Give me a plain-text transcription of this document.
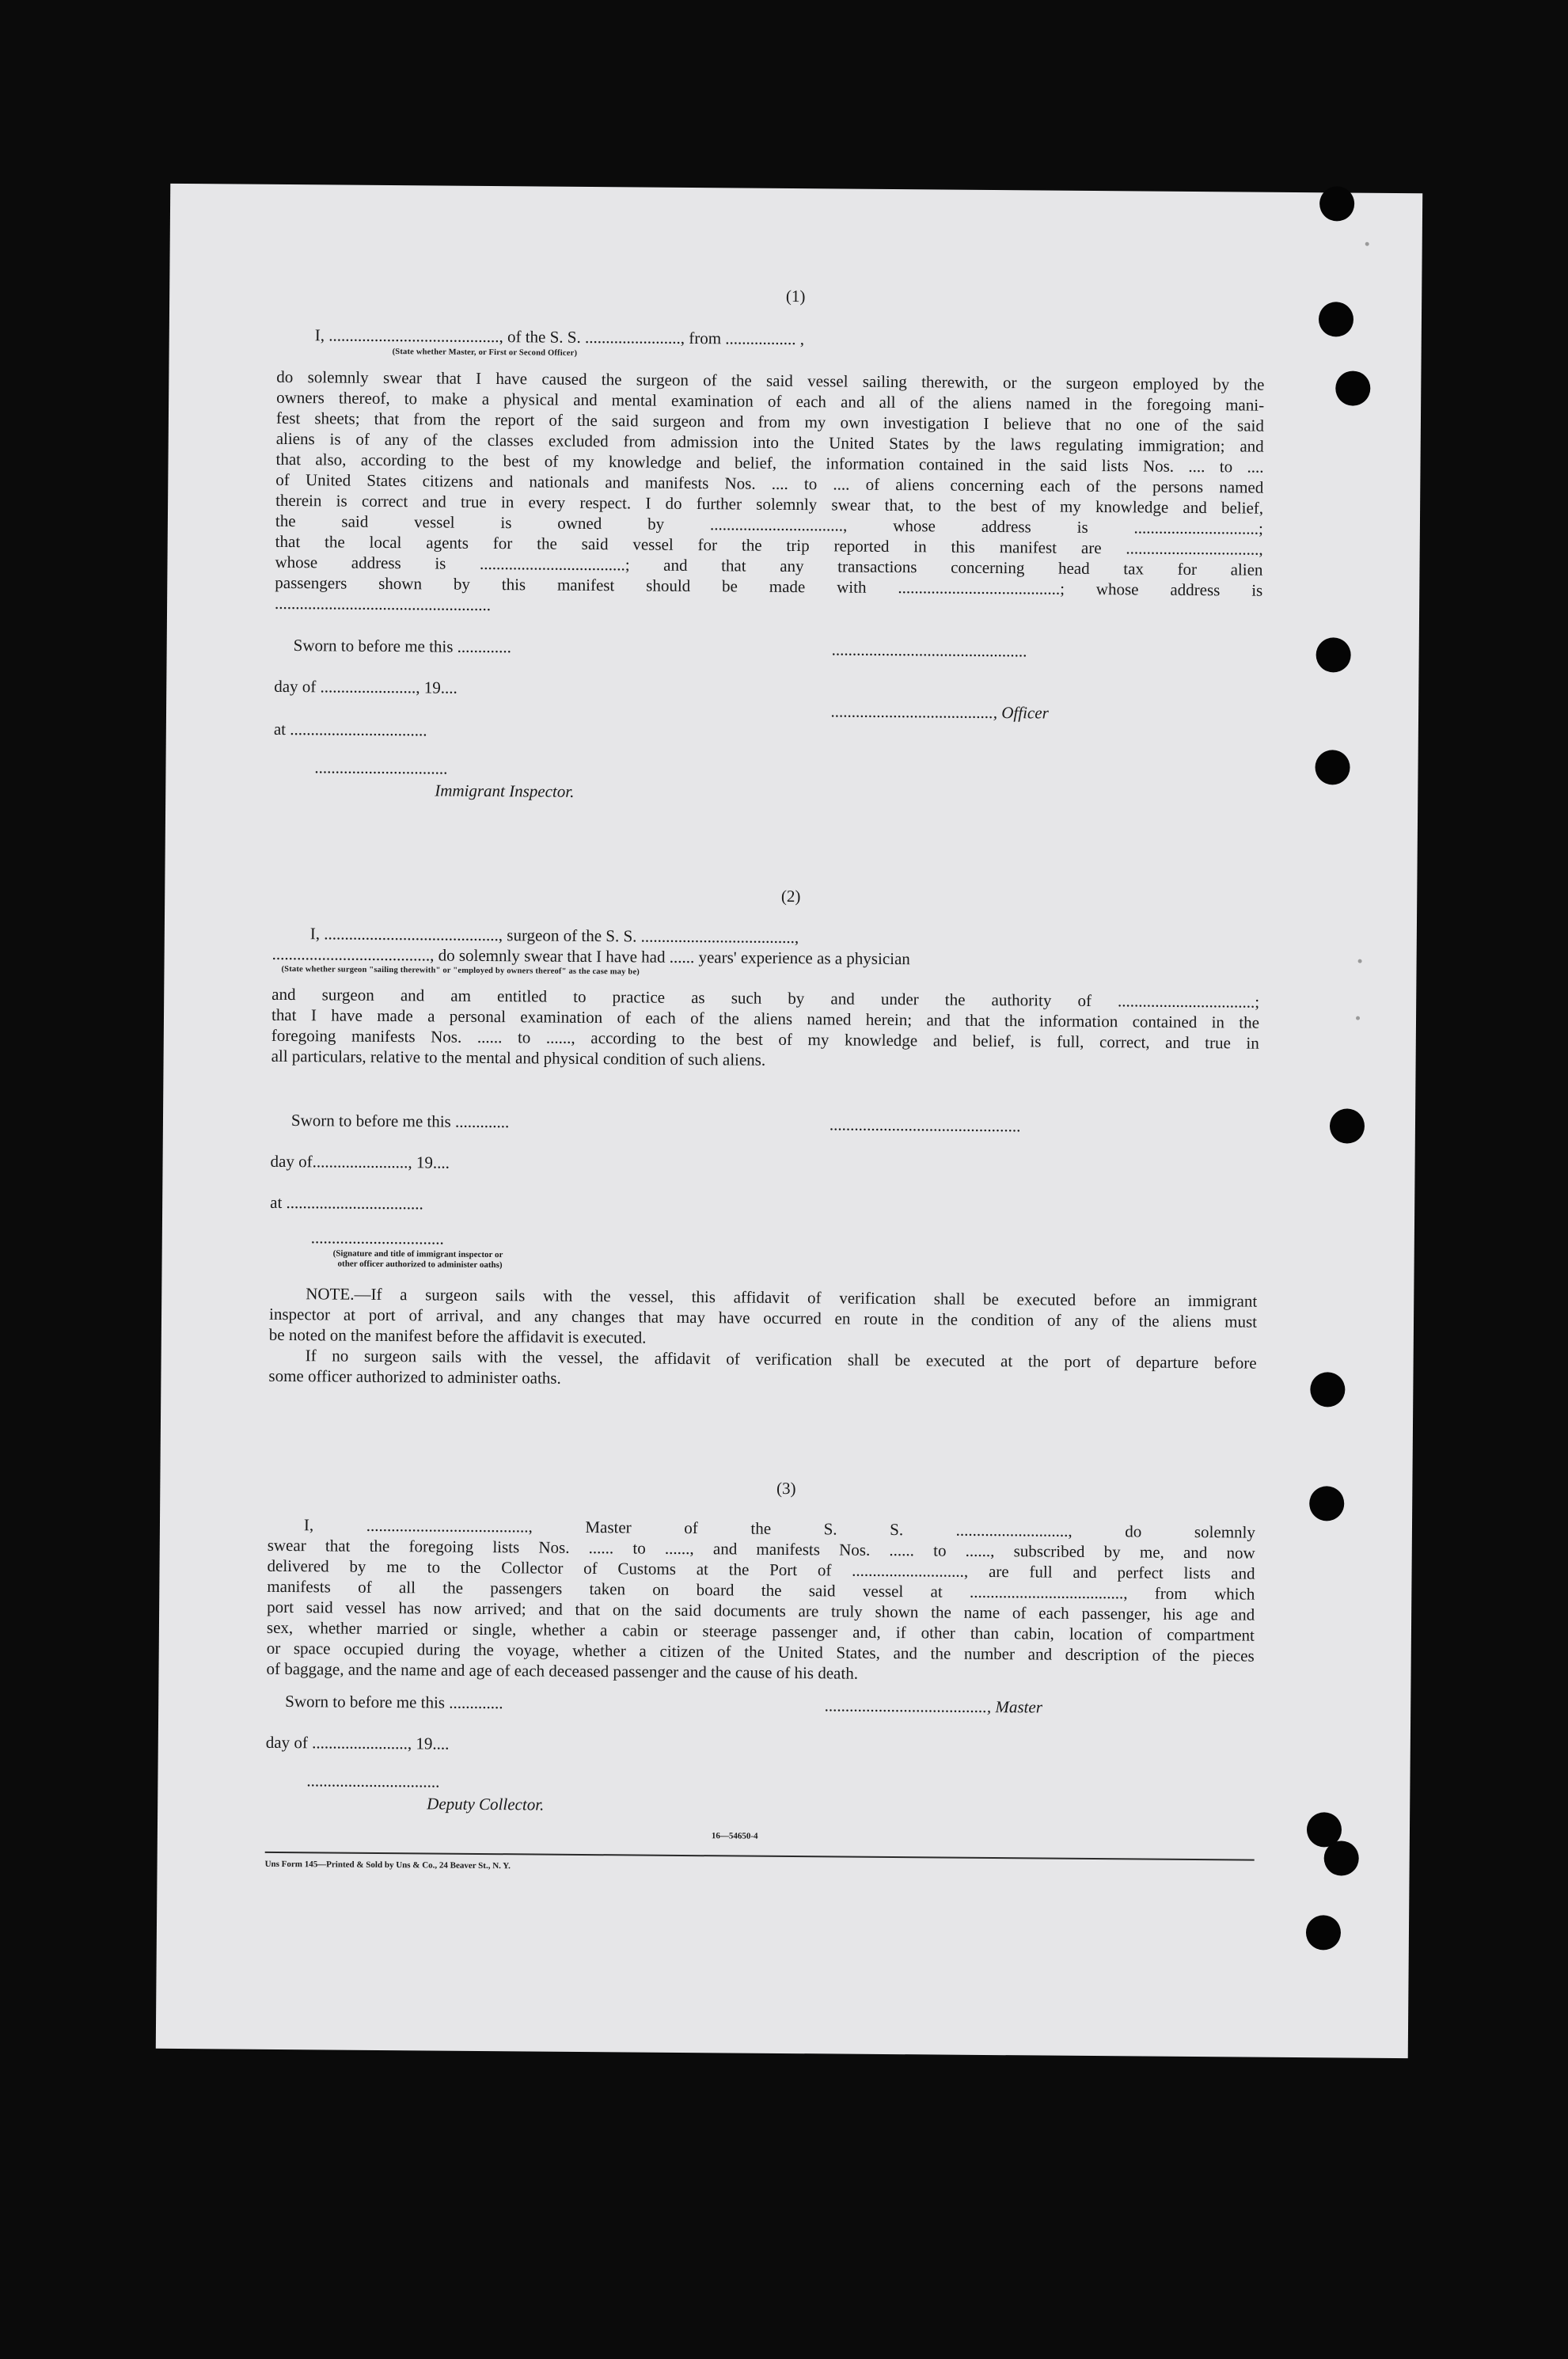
(1)
I, ........................................., of the S. S. ......................., from ................. ,
(State whether Master, or First or Second Officer)
do solemnly swear that I have caused the surgeon of the said vessel sailing therewith, or the surgeon employed by the
owners thereof, to make a physical and mental examination of each and all of the aliens named in the foregoing mani-
fest sheets; that from the report of the said surgeon and from my own investigation I believe that no one of the said
aliens is of any of the classes excluded from admission into the United States by the laws regulating immigration; and
that also, according to the best of my knowledge and belief, the information contained in the said lists Nos. .... to ....
of United States citizens and nationals and manifests Nos. .... to .... of aliens concerning each of the persons named
therein is correct and true in every respect. I do further solemnly swear that, to the best of my knowledge and belief,
the said vessel is owned by ................................, whose address is ..............................;
that the local agents for the said vessel for the trip reported in this manifest are ................................,
whose address is ...................................; and that any transactions concerning head tax for alien
passengers shown by this manifest should be made with .......................................; whose address is
....................................................
Sworn to before me this .............	...............................................
day of ......................., 19....
......................................., Officer
at .................................
................................
Immigrant Inspector.
(2)
I, .........................................., surgeon of the S. S. .....................................,
......................................, do solemnly swear that I have had ...... years' experience as a physician
(State whether surgeon "sailing therewith" or "employed by owners thereof" as the case may be)
and surgeon and am entitled to practice as such by and under the authority of .................................;
that I have made a personal examination of each of the aliens named herein; and that the information contained in the
foregoing manifests Nos. ...... to ......, according to the best of my knowledge and belief, is full, correct, and true in
all particulars, relative to the mental and physical condition of such aliens.
Sworn to before me this .............	..............................................
day of......................., 19....
at .................................
................................
(Signature and title of immigrant inspector or
other officer authorized to administer oaths)
NOTE.—If a surgeon sails with the vessel, this affidavit of verification shall be executed before an immigrant
inspector at port of arrival, and any changes that may have occurred en route in the condition of any of the aliens must
be noted on the manifest before the affidavit is executed.
If no surgeon sails with the vessel, the affidavit of verification shall be executed at the port of departure before
some officer authorized to administer oaths.
(3)
I, ......................................., Master of the S. S. ..........................., do solemnly
swear that the foregoing lists Nos. ...... to ......, and manifests Nos. ...... to ......, subscribed by me, and now
delivered by me to the Collector of Customs at the Port of ..........................., are full and perfect lists and
manifests of all the passengers taken on board the said vessel at ....................................., from which
port said vessel has now arrived; and that on the said documents are truly shown the name of each passenger, his age and
sex, whether married or single, whether a cabin or steerage passenger and, if other than cabin, location of compartment
or space occupied during the voyage, whether a citizen of the United States, and the number and description of the pieces
of baggage, and the name and age of each deceased passenger and the cause of his death.
Sworn to before me this .............	......................................., Master
day of ......................., 19....
................................
Deputy Collector.
16—54650-4
Uns Form 145—Printed & Sold by Uns & Co., 24 Beaver St., N. Y.
